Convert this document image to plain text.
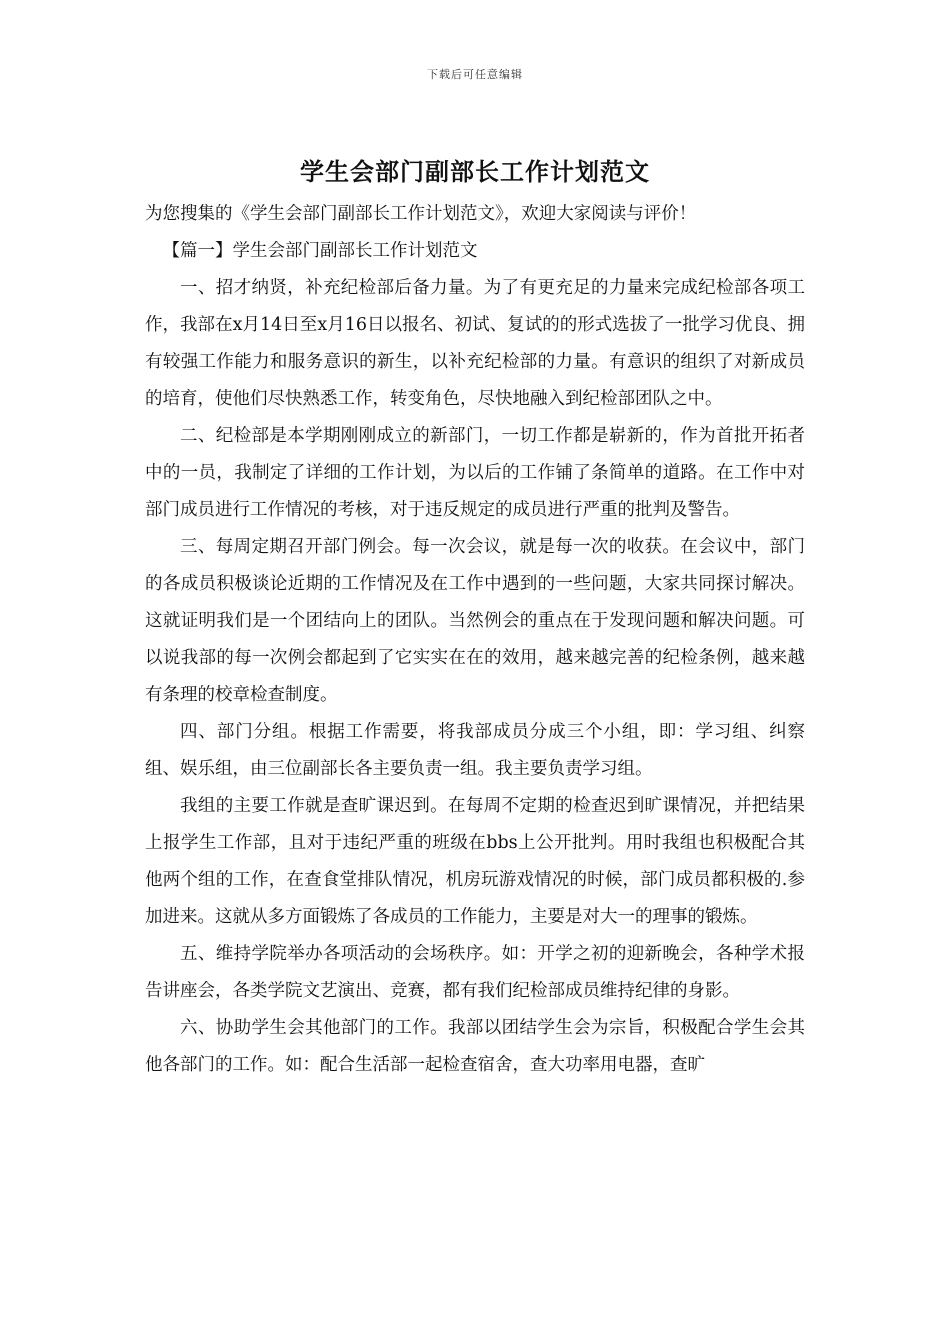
下载后可任意编辑
学生会部门副部长工作计划范文

为您搜集的《学生会部门副部长工作计划范文》，欢迎大家阅读与评价！

【篇一】学生会部门副部长工作计划范文

一、招才纳贤，补充纪检部后备力量。为了有更充足的力量来完成纪检部各项工作，我部在x月14日至x月16日以报名、初试、复试的的形式选拔了一批学习优良、拥有较强工作能力和服务意识的新生，以补充纪检部的力量。有意识的组织了对新成员的培育，使他们尽快熟悉工作，转变角色，尽快地融入到纪检部团队之中。

二、纪检部是本学期刚刚成立的新部门，一切工作都是崭新的，作为首批开拓者中的一员，我制定了详细的工作计划，为以后的工作铺了条简单的道路。在工作中对部门成员进行工作情况的考核，对于违反规定的成员进行严重的批判及警告。

三、每周定期召开部门例会。每一次会议，就是每一次的收获。在会议中，部门的各成员积极谈论近期的工作情况及在工作中遇到的一些问题，大家共同探讨解决。这就证明我们是一个团结向上的团队。当然例会的重点在于发现问题和解决问题。可以说我部的每一次例会都起到了它实实在在的效用，越来越完善的纪检条例，越来越有条理的校章检查制度。

四、部门分组。根据工作需要，将我部成员分成三个小组，即：学习组、纠察组、娱乐组，由三位副部长各主要负责一组。我主要负责学习组。

我组的主要工作就是查旷课迟到。在每周不定期的检查迟到旷课情况，并把结果上报学生工作部，且对于违纪严重的班级在bbs上公开批判。用时我组也积极配合其他两个组的工作，在查食堂排队情况，机房玩游戏情况的时候，部门成员都积极的.参加进来。这就从多方面锻炼了各成员的工作能力，主要是对大一的理事的锻炼。

五、维持学院举办各项活动的会场秩序。如：开学之初的迎新晚会，各种学术报告讲座会，各类学院文艺演出、竞赛，都有我们纪检部成员维持纪律的身影。

六、协助学生会其他部门的工作。我部以团结学生会为宗旨，积极配合学生会其他各部门的工作。如：配合生活部一起检查宿舍，查大功率用电器，查旷
